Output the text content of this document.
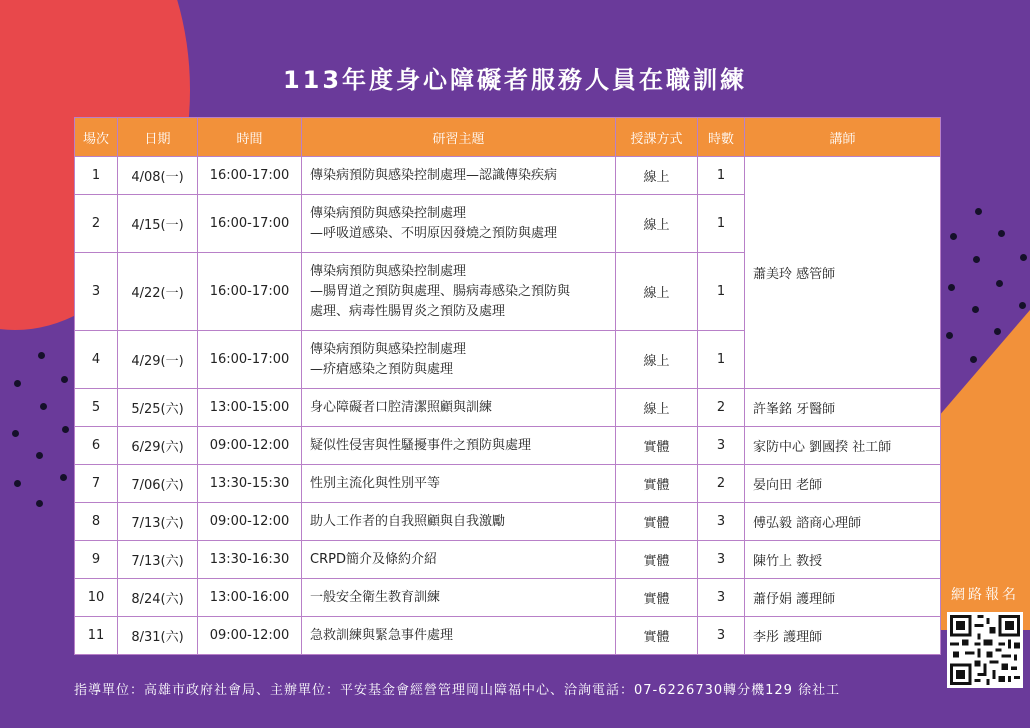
113年度身心障礙者服務人員在職訓練
場次	日期	時間	研習主題	授課方式	時數	講師
1	4/08(一)	16:00-17:00	傳染病預防與感染控制處理—認識傳染疾病	線上	1	蕭美玲 感管師
2	4/15(一)	16:00-17:00	傳染病預防與感染控制處理
—呼吸道感染、不明原因發燒之預防與處理	線上	1	
3	4/22(一)	16:00-17:00	傳染病預防與感染控制處理
—腸胃道之預防與處理、腸病毒感染之預防與
處理、病毒性腸胃炎之預防及處理	線上	1	
4	4/29(一)	16:00-17:00	傳染病預防與感染控制處理
—疥瘡感染之預防與處理	線上	1	
5	5/25(六)	13:00-15:00	身心障礙者口腔清潔照顧與訓練	線上	2	許峯銘 牙醫師
6	6/29(六)	09:00-12:00	疑似性侵害與性騷擾事件之預防與處理	實體	3	家防中心 劉國揆 社工師
7	7/06(六)	13:30-15:30	性別主流化與性別平等	實體	2	晏向田 老師
8	7/13(六)	09:00-12:00	助人工作者的自我照顧與自我激勵	實體	3	傅弘毅 諮商心理師
9	7/13(六)	13:30-16:30	CRPD簡介及條約介紹	實體	3	陳竹上 教授
10	8/24(六)	13:00-16:00	一般安全衛生教育訓練	實體	3	蕭伃娟 護理師
11	8/31(六)	09:00-12:00	急救訓練與緊急事件處理	實體	3	李彤 護理師
網路報名
指導單位：高雄市政府社會局、主辦單位：平安基金會經營管理岡山障福中心、洽詢電話：07-6226730轉分機129 徐社工
